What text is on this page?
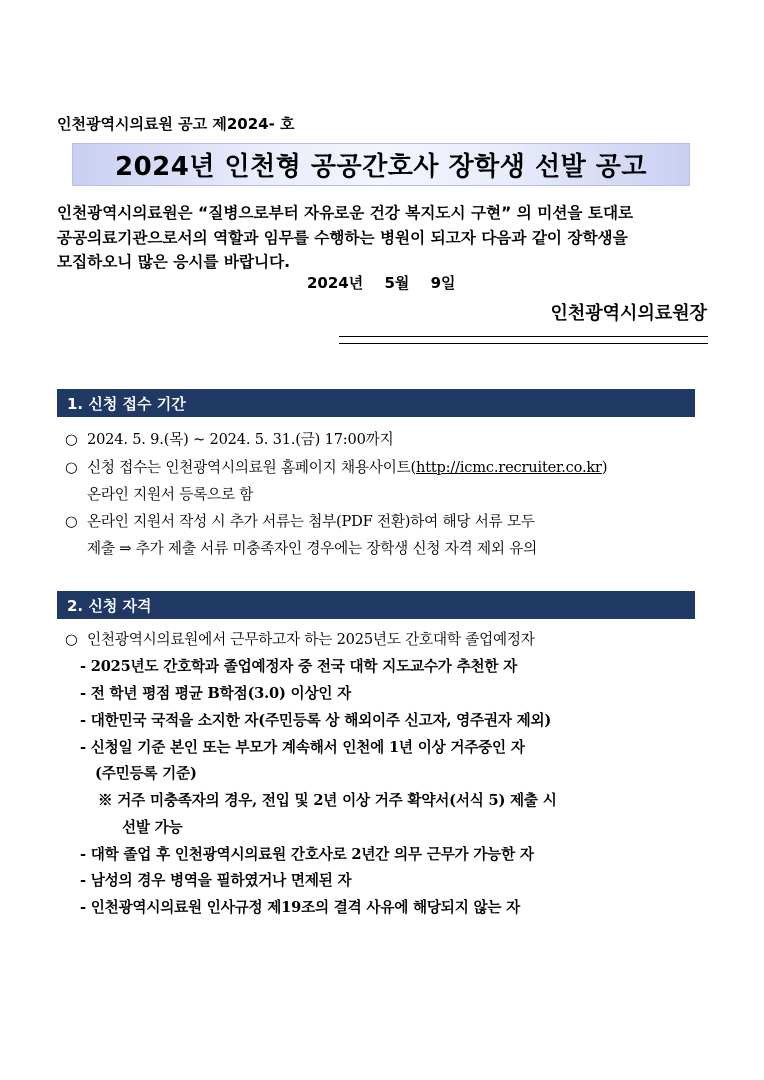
인천광역시의료원 공고 제2024- 호
2024년 인천형 공공간호사 장학생 선발 공고
인천광역시의료원은 “질병으로부터 자유로운 건강 복지도시 구현” 의 미션을 토대로
공공의료기관으로서의 역할과 임무를 수행하는 병원이 되고자 다음과 같이 장학생을
모집하오니 많은 응시를 바랍니다.
2024년 5월 9일
인천광역시의료원장
1. 신청 접수 기간
○ 2024. 5. 9.(목) ~ 2024. 5. 31.(금) 17:00까지
○ 신청 접수는 인천광역시의료원 홈페이지 채용사이트(http://icmc.recruiter.co.kr)
온라인 지원서 등록으로 함
○ 온라인 지원서 작성 시 추가 서류는 첨부(PDF 전환)하여 해당 서류 모두
제출 ⇒ 추가 제출 서류 미충족자인 경우에는 장학생 신청 자격 제외 유의
2. 신청 자격
○ 인천광역시의료원에서 근무하고자 하는 2025년도 간호대학 졸업예정자
- 2025년도 간호학과 졸업예정자 중 전국 대학 지도교수가 추천한 자
- 전 학년 평점 평균 B학점(3.0) 이상인 자
- 대한민국 국적을 소지한 자(주민등록 상 해외이주 신고자, 영주권자 제외)
- 신청일 기준 본인 또는 부모가 계속해서 인천에 1년 이상 거주중인 자
(주민등록 기준)
※ 거주 미충족자의 경우, 전입 및 2년 이상 거주 확약서(서식 5) 제출 시
선발 가능
- 대학 졸업 후 인천광역시의료원 간호사로 2년간 의무 근무가 가능한 자
- 남성의 경우 병역을 필하였거나 면제된 자
- 인천광역시의료원 인사규정 제19조의 결격 사유에 해당되지 않는 자
